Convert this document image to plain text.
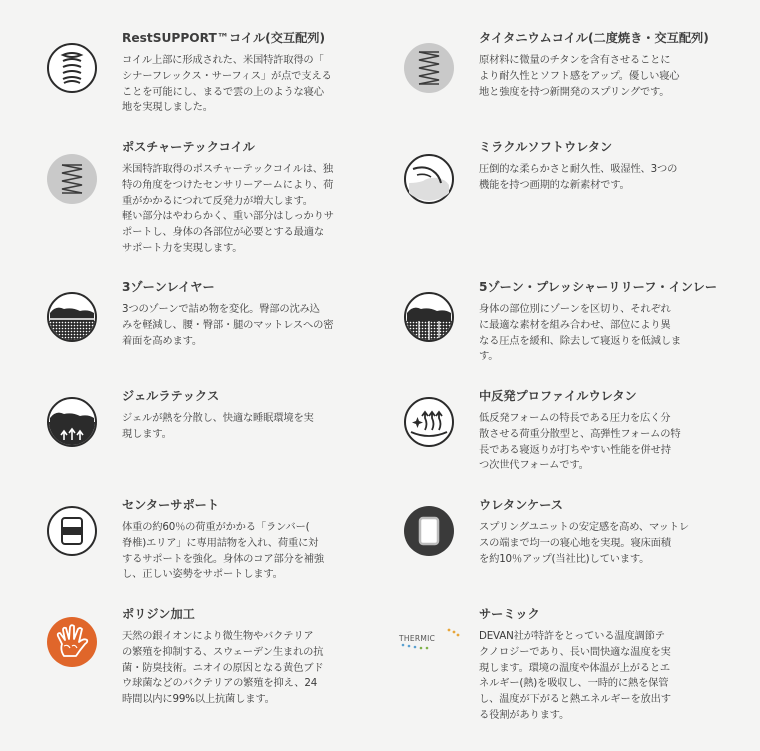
RestSUPPORT™コイル(交互配列)
コイル上部に形成された、米国特許取得の「
シナーフレックス・サーフィス」が点で支える
ことを可能にし、まるで雲の上のような寝心
地を実現しました。
タイタニウムコイル(二度焼き・交互配列)
原材料に微量のチタンを含有させることに
より耐久性とソフト感をアップ。優しい寝心
地と強度を持つ新開発のスプリングです。
ポスチャーテックコイル
米国特許取得のポスチャーテックコイルは、独
特の角度をつけたセンサリーアームにより、荷
重がかかるにつれて反発力が増大します。
軽い部分はやわらかく、重い部分はしっかりサ
ポートし、身体の各部位が必要とする最適な
サポート力を実現します。
ミラクルソフトウレタン
圧倒的な柔らかさと耐久性、吸湿性、3つの
機能を持つ画期的な新素材です。
3ゾーンレイヤー
3つのゾーンで詰め物を変化。臀部の沈み込
みを軽減し、腰・臀部・腿のマットレスへの密
着面を高めます。
5ゾーン・プレッシャーリリーフ・インレー
身体の部位別にゾーンを区切り、それぞれ
に最適な素材を組み合わせ、部位により異
なる圧点を緩和、除去して寝返りを低減しま
す。
ジェルラテックス
ジェルが熱を分散し、快適な睡眠環境を実
現します。
中反発プロファイルウレタン
低反発フォームの特長である圧力を広く分
散させる荷重分散型と、高弾性フォームの特
長である寝返りが打ちやすい性能を併せ持
つ次世代フォームです。
センターサポート
体重の約60％の荷重がかかる「ランバー(
脊椎)エリア」に専用詰物を入れ、荷重に対
するサポートを強化。身体のコア部分を補強
し、正しい姿勢をサポートします。
ウレタンケース
スプリングユニットの安定感を高め、マットレ
スの端まで均一の寝心地を実現。寝床面積
を約10％アップ(当社比)しています。
ポリジン加工
天然の銀イオンにより微生物やバクテリア
の繁殖を抑制する、スウェーデン生まれの抗
菌・防臭技術。ニオイの原因となる黄色ブド
ウ球菌などのバクテリアの繁殖を抑え、24
時間以内に99%以上抗菌します。
THERMIC
サーミック
DEVAN社が特許をとっている温度調節テ
クノロジーであり、長い間快適な温度を実
現します。環境の温度や体温が上がるとエ
ネルギー(熱)を吸収し、一時的に熱を保管
し、温度が下がると熱エネルギーを放出す
る役割があります。
